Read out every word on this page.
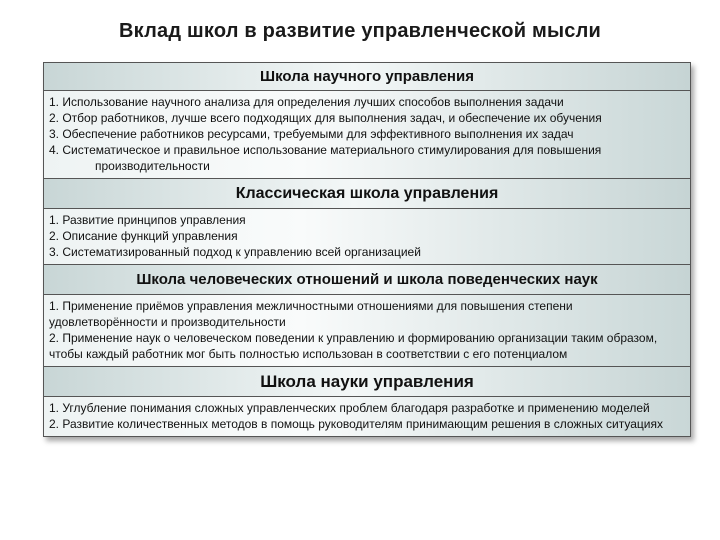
Вклад школ в развитие управленческой мысли
Школа научного управления

1. Использование научного анализа для определения лучших способов выполнения задачи

2. Отбор работников, лучше всего подходящих для выполнения задач, и обеспечение их обучения

3. Обеспечение работников ресурсами, требуемыми для эффективного выполнения их задач

4. Систематическое и правильное использование материального стимулирования для повышения производительности

Классическая школа управления

1. Развитие принципов управления

2. Описание функций управления

3. Систематизированный подход к управлению всей организацией

Школа человеческих отношений и школа поведенческих наук

1. Применение приёмов управления межличностными отношениями для повышения степени удовлетворённости и производительности

2. Применение наук о человеческом поведении к управлению и формированию организации таким образом, чтобы каждый работник мог быть полностью использован в соответствии с его потенциалом

Школа науки управления

1. Углубление понимания сложных управленческих проблем благодаря разработке и применению моделей

2. Развитие количественных методов в помощь руководителям принимающим решения в сложных ситуациях
